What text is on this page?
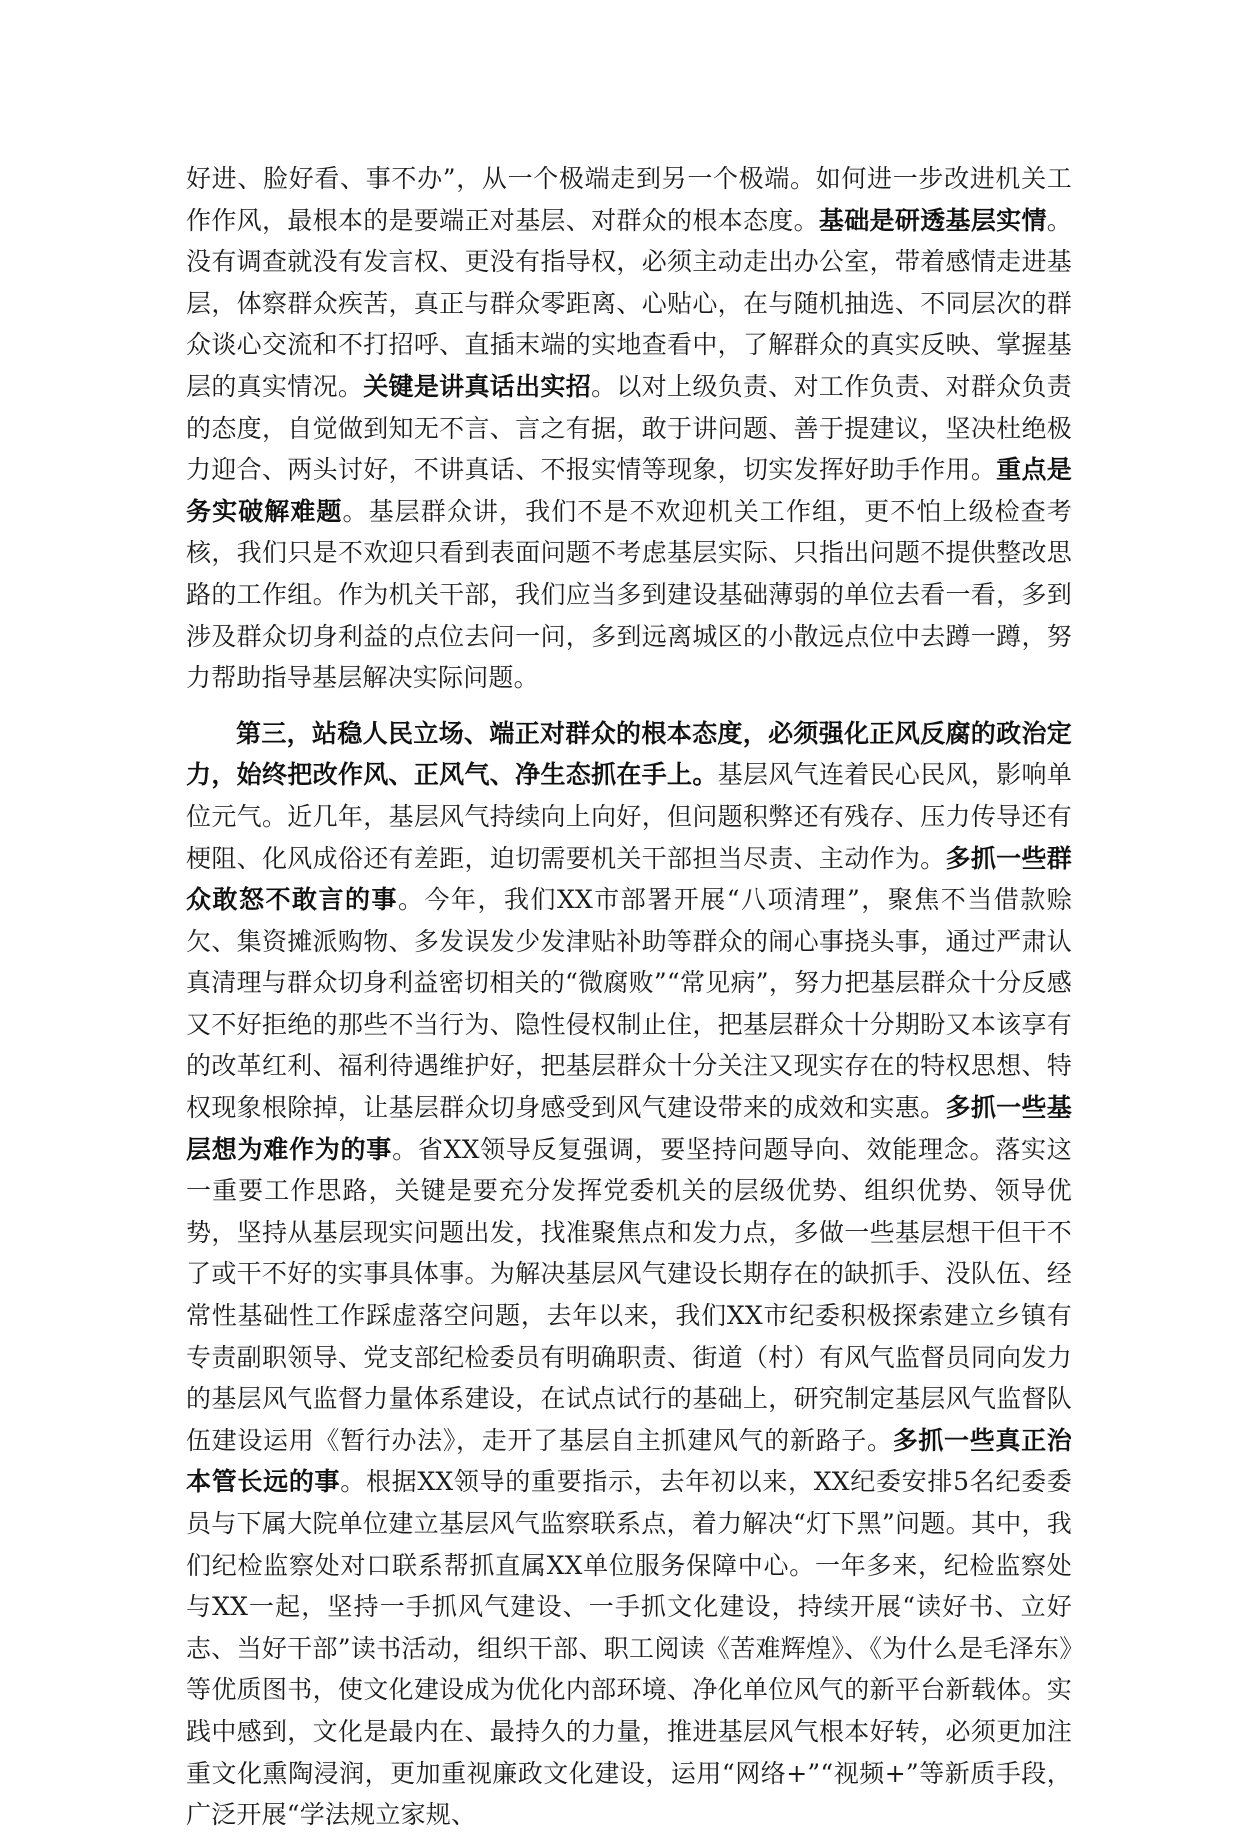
好进、脸好看、事不办”，从一个极端走到另一个极端。如何进一步改进机关工作作风，最根本的是要端正对基层、对群众的根本态度。基础是研透基层实情。没有调查就没有发言权、更没有指导权，必须主动走出办公室，带着感情走进基层，体察群众疾苦，真正与群众零距离、心贴心，在与随机抽选、不同层次的群众谈心交流和不打招呼、直插末端的实地查看中，了解群众的真实反映、掌握基层的真实情况。关键是讲真话出实招。以对上级负责、对工作负责、对群众负责的态度，自觉做到知无不言、言之有据，敢于讲问题、善于提建议，坚决杜绝极力迎合、两头讨好，不讲真话、不报实情等现象，切实发挥好助手作用。重点是务实破解难题。基层群众讲，我们不是不欢迎机关工作组，更不怕上级检查考核，我们只是不欢迎只看到表面问题不考虑基层实际、只指出问题不提供整改思路的工作组。作为机关干部，我们应当多到建设基础薄弱的单位去看一看，多到涉及群众切身利益的点位去问一问，多到远离城区的小散远点位中去蹲一蹲，努力帮助指导基层解决实际问题。

第三，站稳人民立场、端正对群众的根本态度，必须强化正风反腐的政治定力，始终把改作风、正风气、净生态抓在手上。基层风气连着民心民风，影响单位元气。近几年，基层风气持续向上向好，但问题积弊还有残存、压力传导还有梗阻、化风成俗还有差距，迫切需要机关干部担当尽责、主动作为。多抓一些群众敢怒不敢言的事。今年，我们XX市部署开展“八项清理”，聚焦不当借款赊欠、集资摊派购物、多发误发少发津贴补助等群众的闹心事挠头事，通过严肃认真清理与群众切身利益密切相关的“微腐败”“常见病”，努力把基层群众十分反感又不好拒绝的那些不当行为、隐性侵权制止住，把基层群众十分期盼又本该享有的改革红利、福利待遇维护好，把基层群众十分关注又现实存在的特权思想、特权现象根除掉，让基层群众切身感受到风气建设带来的成效和实惠。多抓一些基层想为难作为的事。省XX领导反复强调，要坚持问题导向、效能理念。落实这一重要工作思路，关键是要充分发挥党委机关的层级优势、组织优势、领导优势，坚持从基层现实问题出发，找准聚焦点和发力点，多做一些基层想干但干不了或干不好的实事具体事。为解决基层风气建设长期存在的缺抓手、没队伍、经常性基础性工作踩虚落空问题，去年以来，我们XX市纪委积极探索建立乡镇有专责副职领导、党支部纪检委员有明确职责、街道（村）有风气监督员同向发力的基层风气监督力量体系建设，在试点试行的基础上，研究制定基层风气监督队伍建设运用《暂行办法》，走开了基层自主抓建风气的新路子。多抓一些真正治本管长远的事。根据XX领导的重要指示，去年初以来，XX纪委安排5名纪委委员与下属大院单位建立基层风气监察联系点，着力解决“灯下黑”问题。其中，我们纪检监察处对口联系帮抓直属XX单位服务保障中心。一年多来，纪检监察处与XX一起，坚持一手抓风气建设、一手抓文化建设，持续开展“读好书、立好志、当好干部”读书活动，组织干部、职工阅读《苦难辉煌》、《为什么是毛泽东》等优质图书，使文化建设成为优化内部环境、净化单位风气的新平台新载体。实践中感到，文化是最内在、最持久的力量，推进基层风气根本好转，必须更加注重文化熏陶浸润，更加重视廉政文化建设，运用“网络+”“视频+”等新质手段，广泛开展“学法规立家规、
